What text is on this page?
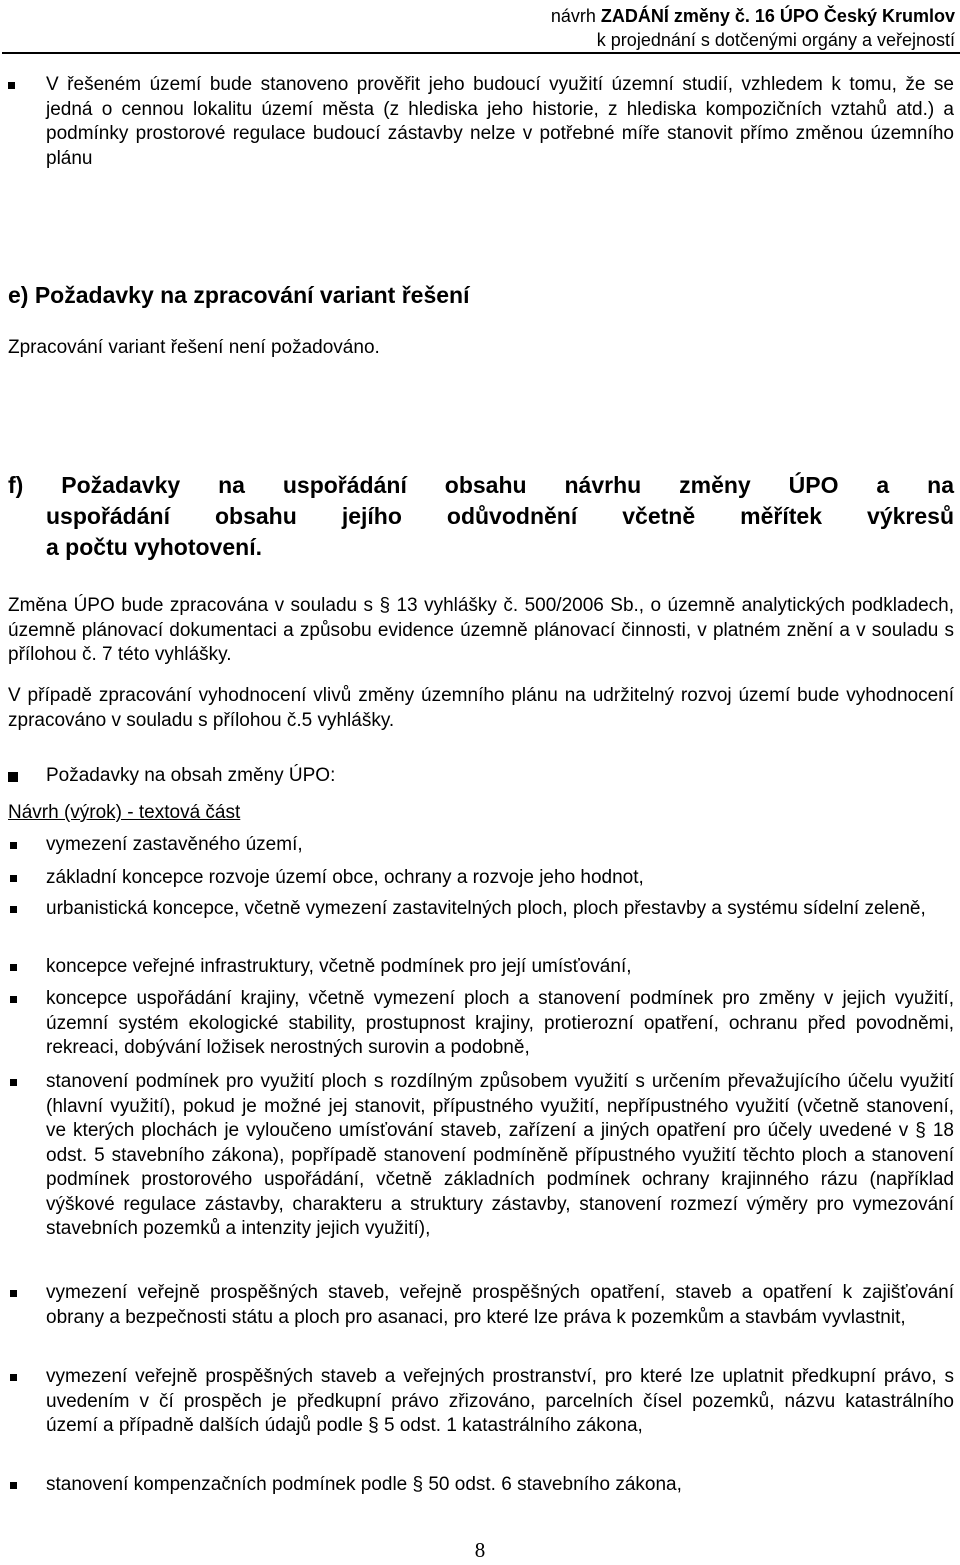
návrh ZADÁNÍ změny č. 16 ÚPO Český Krumlov
k projednání s dotčenými orgány a veřejností
V řešeném území bude stanoveno prověřit jeho budoucí využití územní studií, vzhledem k tomu, že se jedná o cennou lokalitu území města (z hlediska jeho historie, z hlediska kompozičních vztahů atd.) a podmínky prostorové regulace budoucí zástavby nelze v potřebné míře stanovit přímo změnou územního plánu
e) Požadavky na zpracování variant řešení
Zpracování variant řešení není požadováno.
f) Požadavky na uspořádání obsahu návrhu změny ÚPO a na
uspořádání obsahu jejího odůvodnění včetně měřítek výkresů
a počtu vyhotovení.
Změna ÚPO bude zpracována v souladu s § 13 vyhlášky č. 500/2006 Sb., o územně analytických podkladech, územně plánovací dokumentaci a způsobu evidence územně plánovací činnosti, v platném znění a v souladu s přílohou č. 7 této vyhlášky.
V případě zpracování vyhodnocení vlivů změny územního plánu na udržitelný rozvoj území bude vyhodnocení zpracováno v souladu s přílohou č.5 vyhlášky.
Požadavky na obsah změny ÚPO:
Návrh (výrok) - textová část
vymezení zastavěného území,
základní koncepce rozvoje území obce, ochrany a rozvoje jeho hodnot,
urbanistická koncepce, včetně vymezení zastavitelných ploch, ploch přestavby a systému sídelní zeleně,
koncepce veřejné infrastruktury, včetně podmínek pro její umísťování,
koncepce uspořádání krajiny, včetně vymezení ploch a stanovení podmínek pro změny v jejich využití, územní systém ekologické stability, prostupnost krajiny, protierozní opatření, ochranu před povodněmi, rekreaci, dobývání ložisek nerostných surovin a podobně,
stanovení podmínek pro využití ploch s rozdílným způsobem využití s určením převažujícího účelu využití (hlavní využití), pokud je možné jej stanovit, přípustného využití, nepřípustného využití (včetně stanovení, ve kterých plochách je vyloučeno umísťování staveb, zařízení a jiných opatření pro účely uvedené v § 18 odst. 5 stavebního zákona), popřípadě stanovení podmíněně přípustného využití těchto ploch a stanovení podmínek prostorového uspořádání, včetně základních podmínek ochrany krajinného rázu (například výškové regulace zástavby, charakteru a struktury zástavby, stanovení rozmezí výměry pro vymezování stavebních pozemků a intenzity jejich využití),
vymezení veřejně prospěšných staveb, veřejně prospěšných opatření, staveb a opatření k zajišťování obrany a bezpečnosti státu a ploch pro asanaci, pro které lze práva k pozemkům a stavbám vyvlastnit,
vymezení veřejně prospěšných staveb a veřejných prostranství, pro které lze uplatnit předkupní právo, s uvedením v čí prospěch je předkupní právo zřizováno, parcelních čísel pozemků, názvu katastrálního území a případně dalších údajů podle § 5 odst. 1 katastrálního zákona,
stanovení kompenzačních podmínek podle § 50 odst. 6 stavebního zákona,
8
